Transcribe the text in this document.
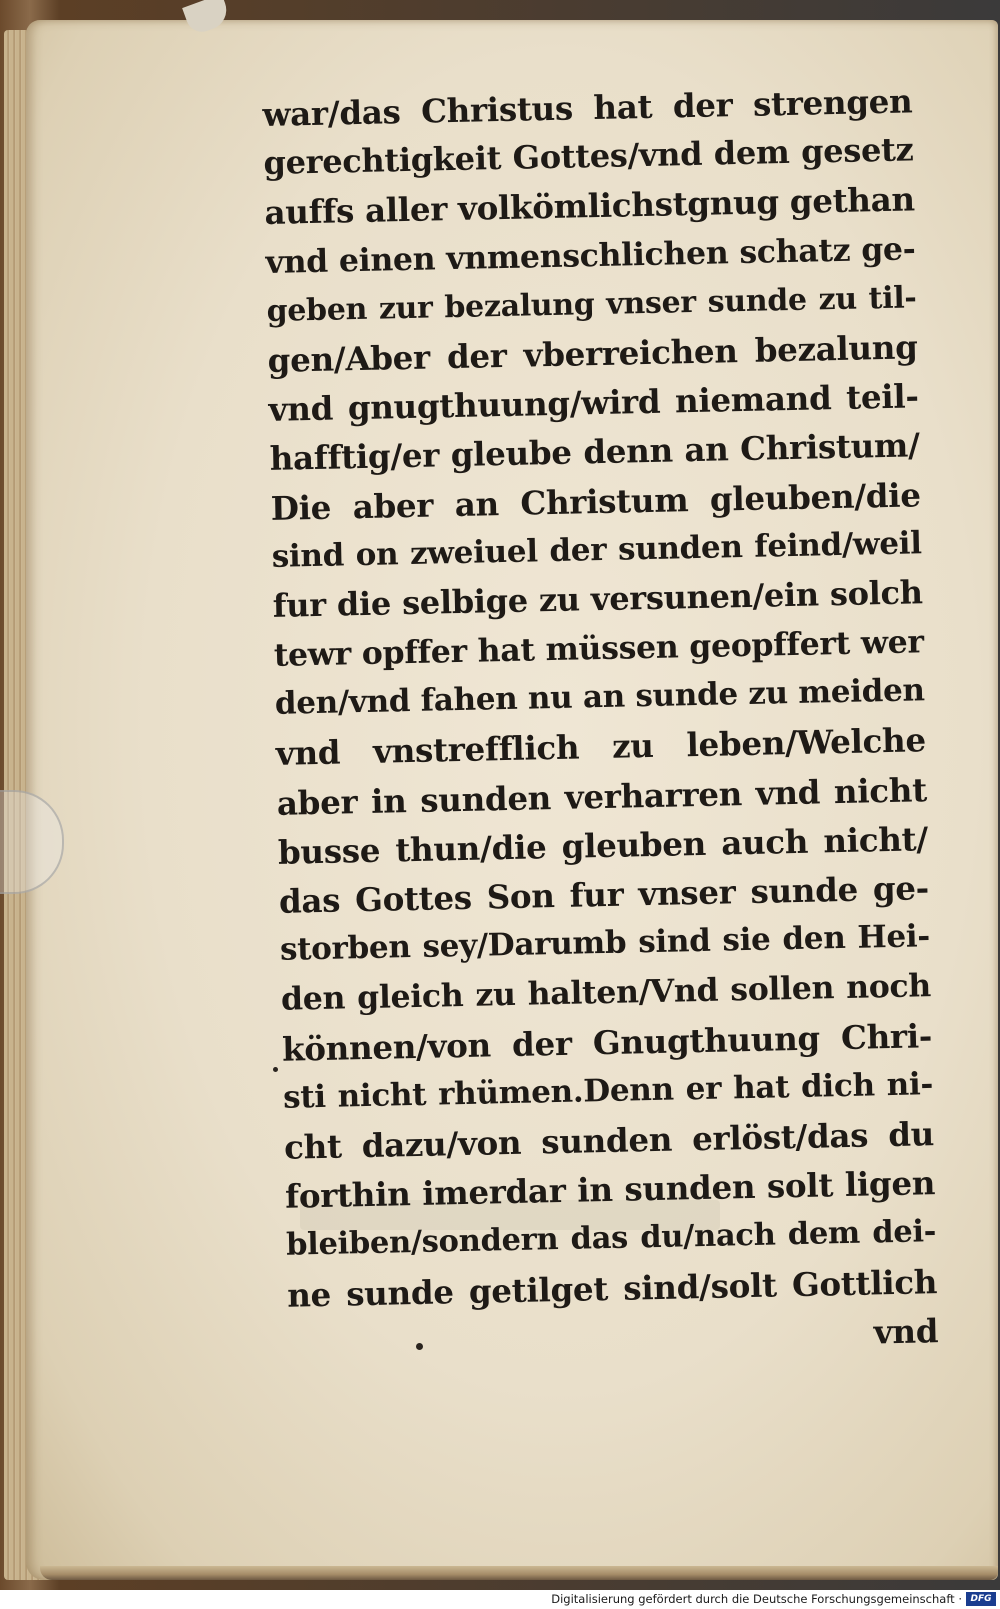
war/das Christus hat der strengen
gerechtigkeit Gottes/vnd dem gesetz
auffs aller volkömlichstgnug gethan
vnd einen vnmenschlichen schatz ge-
geben zur bezalung vnser sunde zu til-
gen/Aber der vberreichen bezalung
vnd gnugthuung/wird niemand teil-
hafftig/er gleube denn an Christum/
Die aber an Christum gleuben/die
sind on zweiuel der sunden feind/weil
fur die selbige zu versunen/ein solch
tewr opffer hat müssen geopffert wer
den/vnd fahen nu an sunde zu meiden
vnd vnstrefflich zu leben/Welche
aber in sunden verharren vnd nicht
busse thun/die gleuben auch nicht/
das Gottes Son fur vnser sunde ge-
storben sey/Darumb sind sie den Hei-
den gleich zu halten/Vnd sollen noch
können/von der Gnugthuung Chri-
sti nicht rhümen.Denn er hat dich ni-
cht dazu/von sunden erlöst/das du
forthin imerdar in sunden solt ligen
bleiben/sondern das du/nach dem dei-
ne sunde getilget sind/solt Gottlich
vnd
Digitalisierung gefördert durch die Deutsche Forschungsgemeinschaft · DFG
